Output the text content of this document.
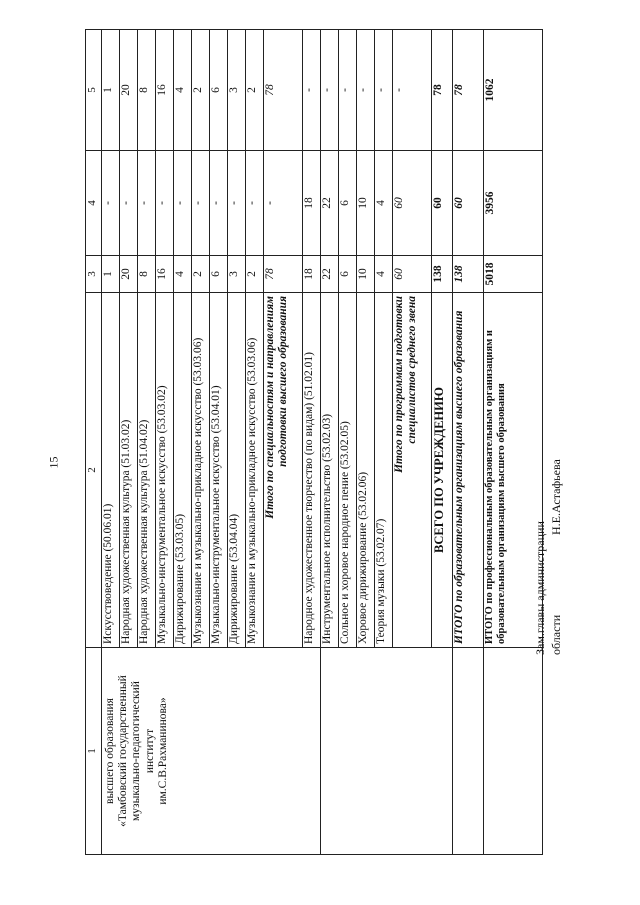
15
1	2	3	4	5

высшего образования «Тамбовский государственный музыкально-педагогический институт им.С.В.Рахманинова»	Искусствоведение (50.06.01)	1	-	1
	Народная художественная культура (51.03.02)	20	-	20
	Народная художественная культура (51.04.02)	8	-	8
	Музыкально-инструментальное искусство (53.03.02)	16	-	16
	Дирижирование (53.03.05)	4	-	4
	Музыкознание и музыкально-прикладное искусство (53.03.06)	2	-	2
	Музыкально-инструментальное искусство (53.04.01)	6	-	6
	Дирижирование (53.04.04)	3	-	3
	Музыкознание и музыкально-прикладное искусство (53.03.06)	2	-	2

	Итого по специальностям и направлениям подготовки высшего образования	78	-	78
	Народное художественное творчество (по видам) (51.02.01)	18	18	-
	Инструментальное исполнительство (53.02.03)	22	22	-
	Сольное и хоровое народное пение (53.02.05)	6	6	-
	Хоровое дирижирование (53.02.06)	10	10	-
	Теория музыки (53.02.07)	4	4	-

	Итого по программам подготовки специалистов среднего звена	60	60	-
	ВСЕГО ПО УЧРЕЖДЕНИЮ	138	60	78
	ИТОГО по образовательным организациям высшего образования	138	60	78
	ИТОГО по профессиональным образовательным организациям и образовательным организациям высшего образования	5018	3956	1062
Зам.главы администрации области
Н.Е.Астафьева
